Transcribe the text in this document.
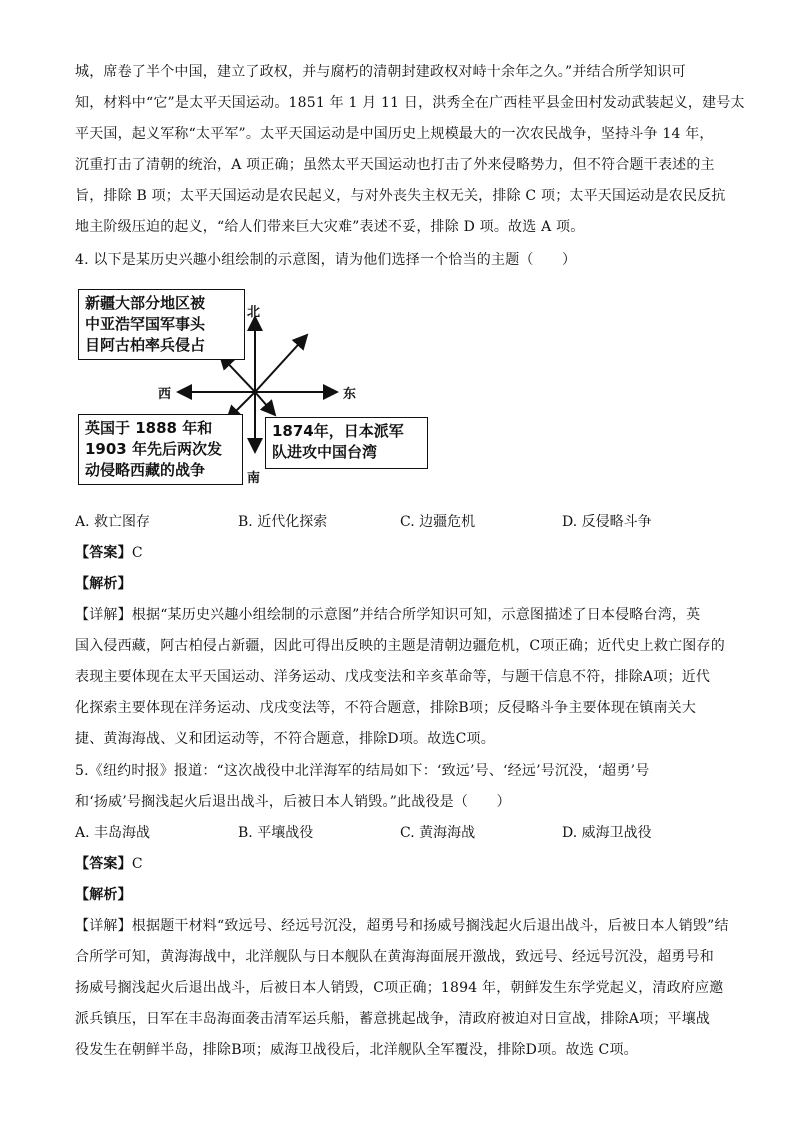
城，席卷了半个中国，建立了政权，并与腐朽的清朝封建政权对峙十余年之久。”并结合所学知识可
知，材料中“它”是太平天国运动。1851 年 1 月 11 日，洪秀全在广西桂平县金田村发动武装起义，建号太
平天国，起义军称“太平军”。太平天国运动是中国历史上规模最大的一次农民战争，坚持斗争 14 年，
沉重打击了清朝的统治，A 项正确；虽然太平天国运动也打击了外来侵略势力，但不符合题干表述的主
旨，排除 B 项；太平天国运动是农民起义，与对外丧失主权无关，排除 C 项；太平天国运动是农民反抗
地主阶级压迫的起义，“给人们带来巨大灾难”表述不妥，排除 D 项。故选 A 项。
4. 以下是某历史兴趣小组绘制的示意图，请为他们选择一个恰当的主题（　　）
新疆大部分地区被
中亚浩罕国军事头
目阿古柏率兵侵占
英国于 1888 年和
1903 年先后两次发
动侵略西藏的战争
1874年，日本派军
队进攻中国台湾
北
南
东
西
A. 救亡图存	B. 近代化探索	C. 边疆危机	D. 反侵略斗争
【答案】C
【解析】
【详解】根据“某历史兴趣小组绘制的示意图”并结合所学知识可知，示意图描述了日本侵略台湾，英
国入侵西藏，阿古柏侵占新疆，因此可得出反映的主题是清朝边疆危机，C项正确；近代史上救亡图存的
表现主要体现在太平天国运动、洋务运动、戊戌变法和辛亥革命等，与题干信息不符，排除A项；近代
化探索主要体现在洋务运动、戊戌变法等，不符合题意，排除B项；反侵略斗争主要体现在镇南关大
捷、黄海海战、义和团运动等，不符合题意，排除D项。故选C项。
5.《纽约时报》报道：“这次战役中北洋海军的结局如下：‘致远’号、‘经远’号沉没，‘超勇’号
和‘扬威’号搁浅起火后退出战斗，后被日本人销毁。”此战役是（　　）
A. 丰岛海战	B. 平壤战役	C. 黄海海战	D. 威海卫战役
【答案】C
【解析】
【详解】根据题干材料“致远号、经远号沉没，超勇号和扬威号搁浅起火后退出战斗，后被日本人销毁”结
合所学可知，黄海海战中，北洋舰队与日本舰队在黄海海面展开激战，致远号、经远号沉没，超勇号和
扬威号搁浅起火后退出战斗，后被日本人销毁，C项正确；1894 年，朝鲜发生东学党起义，清政府应邀
派兵镇压，日军在丰岛海面袭击清军运兵船，蓄意挑起战争，清政府被迫对日宣战，排除A项；平壤战
役发生在朝鲜半岛，排除B项；威海卫战役后，北洋舰队全军覆没，排除D项。故选 C项。
